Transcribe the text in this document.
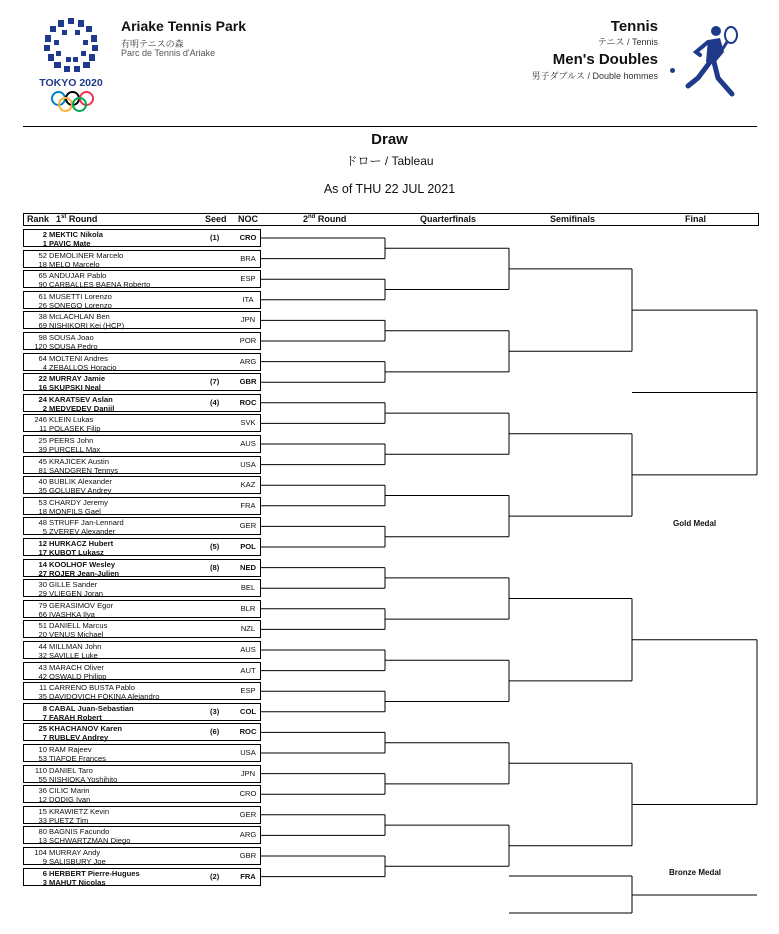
TOKYO 2020
Ariake Tennis Park
有明テニスの森
Parc de Tennis d'Ariake
Tennis
テニス / Tennis
Men's Doubles
男子ダブルス / Double hommes
Draw
ドロー / Tableau
As of THU 22 JUL 2021
Rank 1st Round	Seed NOC	2nd Round	Quarterfinals	Semifinals	Final
2 MEKTIC Nikola
1 PAVIC Mate
(1)	CRO
52 DEMOLINER Marcelo
18 MELO Marcelo
BRA
65 ANDUJAR Pablo
90 CARBALLES BAENA Roberto
ESP
61 MUSETTI Lorenzo
26 SONEGO Lorenzo
ITA
38 McLACHLAN Ben
69 NISHIKORI Kei (HCP)
JPN
98 SOUSA Joao
120 SOUSA Pedro
POR
64 MOLTENI Andres
4 ZEBALLOS Horacio
ARG
22 MURRAY Jamie
16 SKUPSKI Neal
(7)	GBR
24 KARATSEV Aslan
2 MEDVEDEV Daniil
(4)	ROC
246 KLEIN Lukas
11 POLASEK Filip
SVK
25 PEERS John
39 PURCELL Max
AUS
45 KRAJICEK Austin
81 SANDGREN Tennys
USA
40 BUBLIK Alexander
35 GOLUBEV Andrey
KAZ
53 CHARDY Jeremy
18 MONFILS Gael
FRA
48 STRUFF Jan-Lennard
5 ZVEREV Alexander
GER
12 HURKACZ Hubert
17 KUBOT Lukasz
(5)	POL
14 KOOLHOF Wesley
27 ROJER Jean-Julien
(8)	NED
30 GILLE Sander
29 VLIEGEN Joran
BEL
79 GERASIMOV Egor
66 IVASHKA Ilya
BLR
51 DANIELL Marcus
20 VENUS Michael
NZL
44 MILLMAN John
32 SAVILLE Luke
AUS
43 MARACH Oliver
42 OSWALD Philipp
AUT
11 CARRENO BUSTA Pablo
35 DAVIDOVICH FOKINA Alejandro
ESP
8 CABAL Juan-Sebastian
7 FARAH Robert
(3)	COL
25 KHACHANOV Karen
7 RUBLEV Andrey
(6)	ROC
10 RAM Rajeev
53 TIAFOE Frances
USA
110 DANIEL Taro
55 NISHIOKA Yoshihito
JPN
36 CILIC Marin
12 DODIG Ivan
CRO
15 KRAWIETZ Kevin
33 PUETZ Tim
GER
80 BAGNIS Facundo
13 SCHWARTZMAN Diego
ARG
104 MURRAY Andy
9 SALISBURY Joe
GBR
6 HERBERT Pierre-Hugues
3 MAHUT Nicolas
(2)	FRA
Gold Medal
Bronze Medal
